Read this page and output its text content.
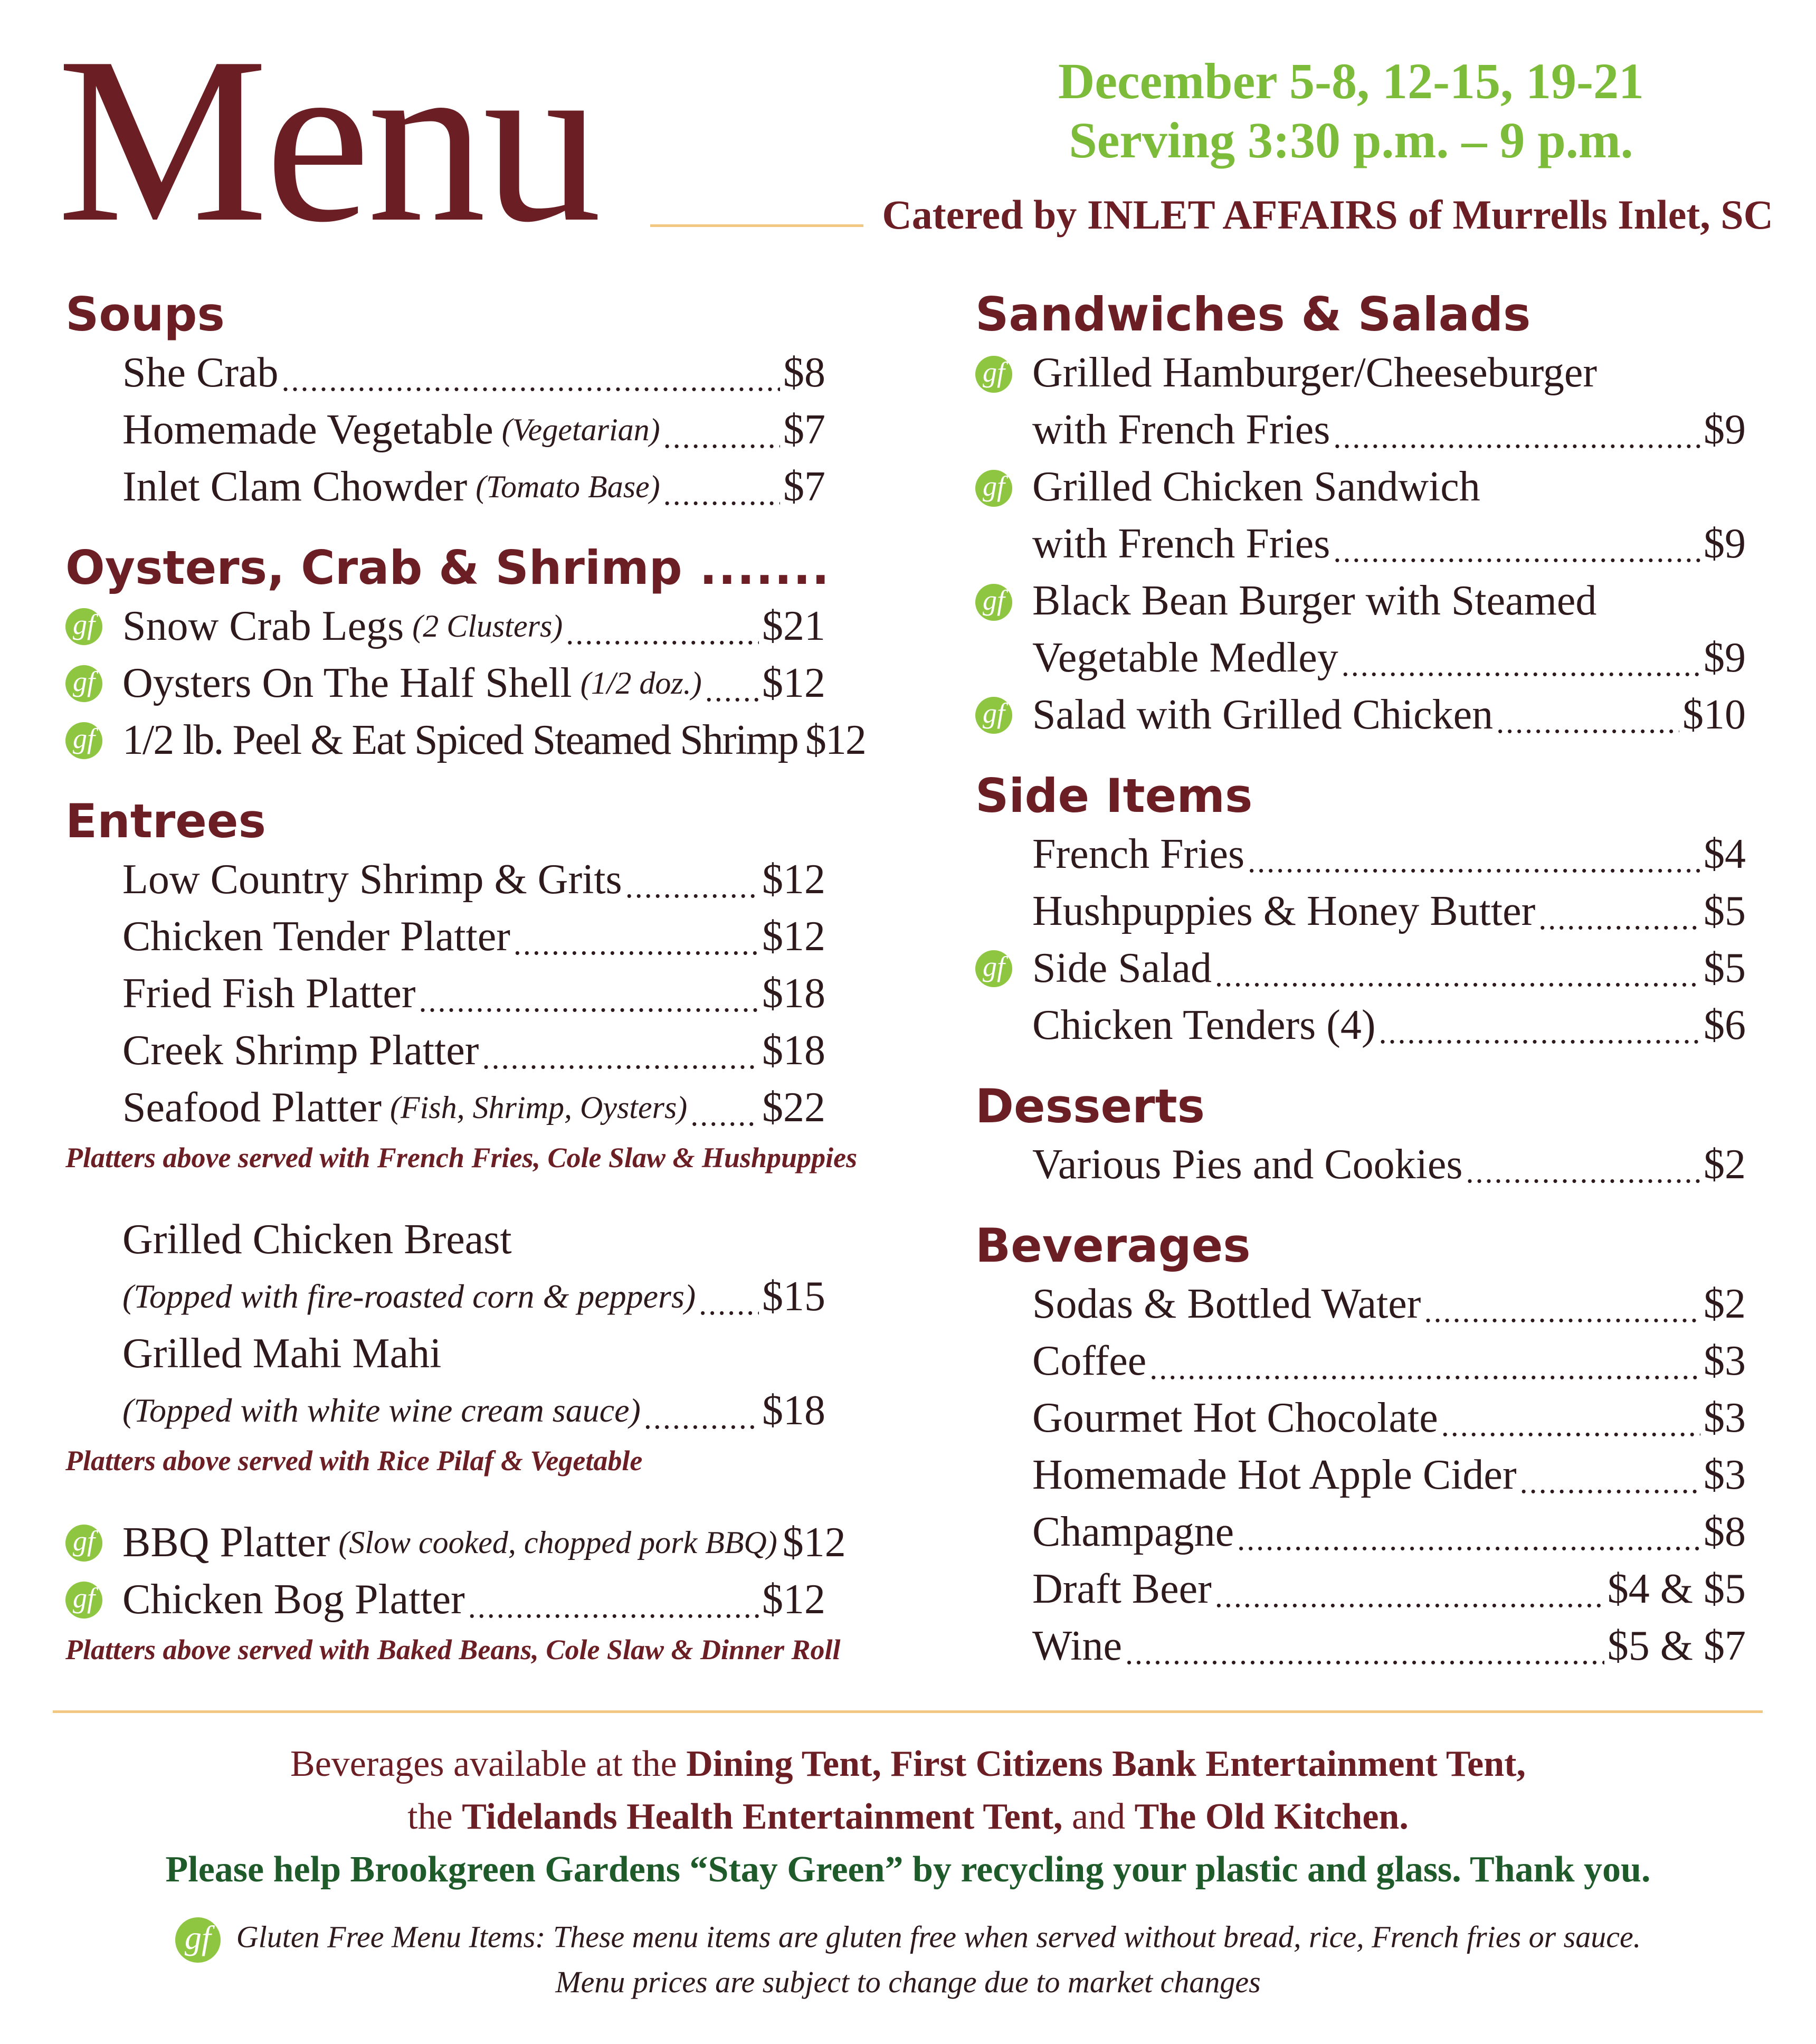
Menu	December 5-8, 12-15, 19-21
Serving 3:30 p.m. – 9 p.m.
Catered by INLET AFFAIRS of Murrells Inlet, SC
Soups
She Crab .....	$8
Homemade Vegetable (Vegetarian) .....	$7
Inlet Clam Chowder (Tomato Base) .....	$7
Oysters, Crab & Shrimp .....
gf Snow Crab Legs (2 Clusters) .....	$21
gf Oysters On The Half Shell (1/2 doz.) ..... $12
gf 1/2 lb. Peel & Eat Spiced Steamed Shrimp $12
Entrees
Low Country Shrimp & Grits .....	$12
Chicken Tender Platter .....	$12
Fried Fish Platter .....	$18
Creek Shrimp Platter .....	$18
Seafood Platter (Fish, Shrimp, Oysters) ..... $22

Platters above served with French Fries, Cole Slaw & Hushpuppies

Grilled Chicken Breast
(Topped with fire-roasted corn & peppers) ..... $15
Grilled Mahi Mahi
(Topped with white wine cream sauce) .....	$18

Platters above served with Rice Pilaf & Vegetable

gf BBQ Platter (Slow cooked, chopped pork BBQ) $12
gf Chicken Bog Platter .....	$12

Platters above served with Baked Beans, Cole Slaw & Dinner Roll

Sandwiches & Salads
gf Grilled Hamburger/Cheeseburger
with French Fries .....	$9
gf Grilled Chicken Sandwich
with French Fries .....	$9
gf Black Bean Burger with Steamed
Vegetable Medley .....	$9
gf Salad with Grilled Chicken .....	$10
Side Items
French Fries .....	$4
Hushpuppies & Honey Butter .....	$5
gf Side Salad .....	$5
Chicken Tenders (4) .....	$6
Desserts
Various Pies and Cookies .....	$2
Beverages
Sodas & Bottled Water .....	$2
Coffee .....	$3
Gourmet Hot Chocolate .....	$3
Homemade Hot Apple Cider .....	$3
Champagne .....	$8
Draft Beer .....	$4 & $5
Wine .....	$5 & $7
Beverages available at the Dining Tent, First Citizens Bank Entertainment Tent,
the Tidelands Health Entertainment Tent, and The Old Kitchen.
Please help Brookgreen Gardens “Stay Green” by recycling your plastic and glass. Thank you.
gf Gluten Free Menu Items: These menu items are gluten free when served without bread, rice, French fries or sauce.
Menu prices are subject to change due to market changes
